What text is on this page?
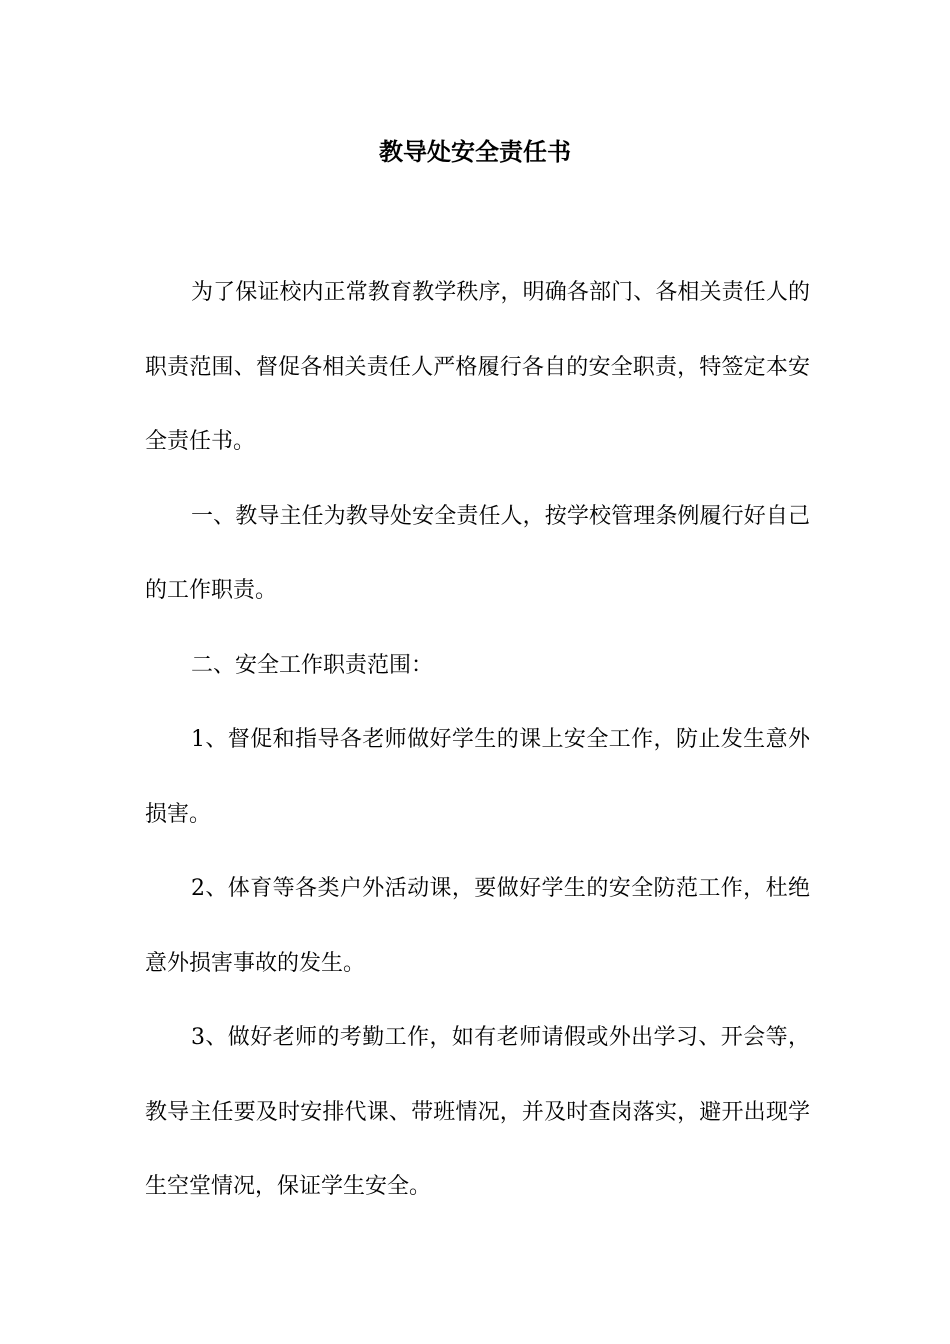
教导处安全责任书

为了保证校内正常教育教学秩序，明确各部门、各相关责任人的职责范围、督促各相关责任人严格履行各自的安全职责，特签定本安全责任书。

一、教导主任为教导处安全责任人，按学校管理条例履行好自己的工作职责。

二、安全工作职责范围：

1、督促和指导各老师做好学生的课上安全工作，防止发生意外损害。

2、体育等各类户外活动课，要做好学生的安全防范工作，杜绝意外损害事故的发生。

3、做好老师的考勤工作，如有老师请假或外出学习、开会等，教导主任要及时安排代课、带班情况，并及时查岗落实，避开出现学生空堂情况，保证学生安全。
